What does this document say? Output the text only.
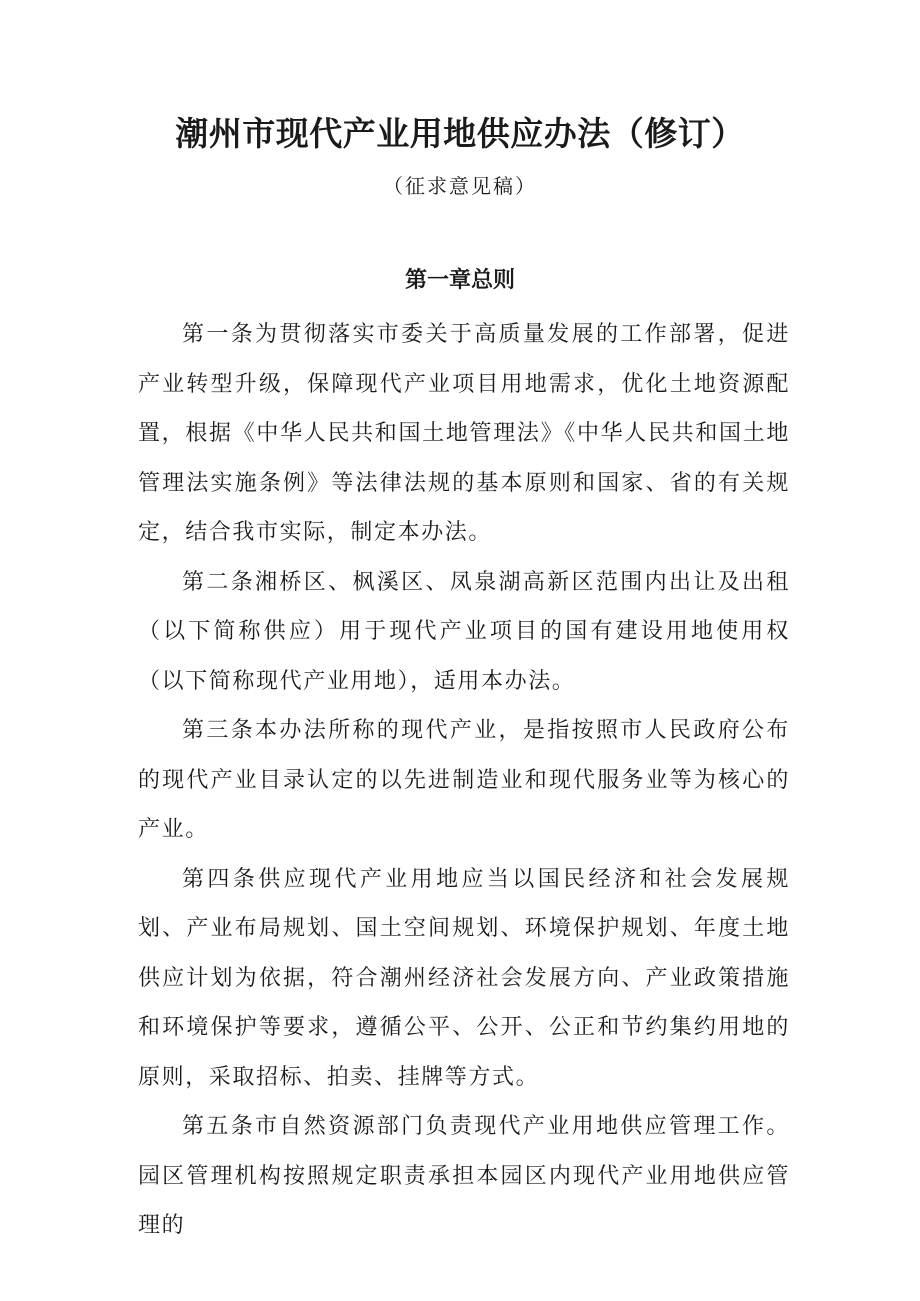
潮州市现代产业用地供应办法（修订）
（征求意见稿）
第一章总则

第一条为贯彻落实市委关于高质量发展的工作部署，促进产业转型升级，保障现代产业项目用地需求，优化土地资源配置，根据《中华人民共和国土地管理法》《中华人民共和国土地管理法实施条例》等法律法规的基本原则和国家、省的有关规定，结合我市实际，制定本办法。

第二条湘桥区、枫溪区、凤泉湖高新区范围内出让及出租（以下简称供应）用于现代产业项目的国有建设用地使用权（以下简称现代产业用地），适用本办法。

第三条本办法所称的现代产业，是指按照市人民政府公布的现代产业目录认定的以先进制造业和现代服务业等为核心的产业。

第四条供应现代产业用地应当以国民经济和社会发展规划、产业布局规划、国土空间规划、环境保护规划、年度土地供应计划为依据，符合潮州经济社会发展方向、产业政策措施和环境保护等要求，遵循公平、公开、公正和节约集约用地的原则，采取招标、拍卖、挂牌等方式。

第五条市自然资源部门负责现代产业用地供应管理工作。园区管理机构按照规定职责承担本园区内现代产业用地供应管理的
